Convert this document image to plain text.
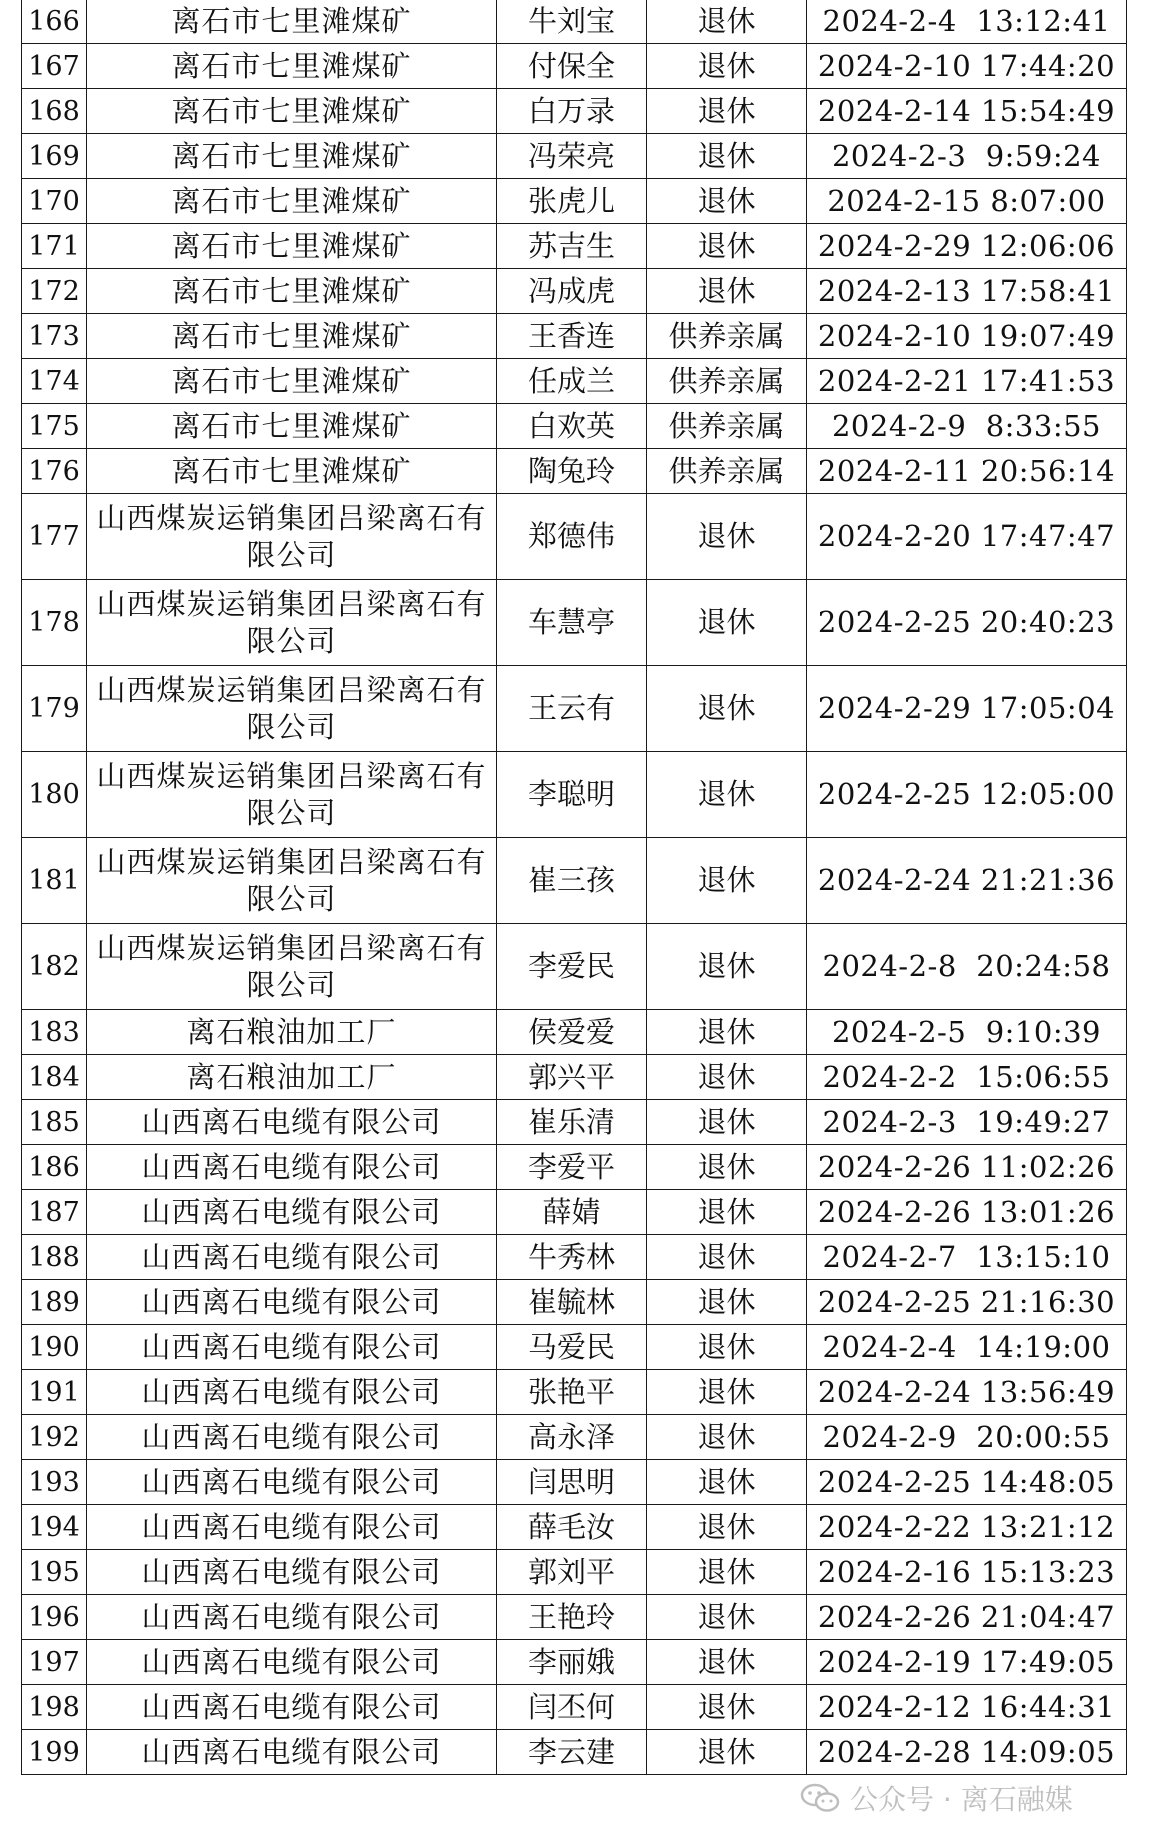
166	离石市七里滩煤矿	牛刘宝	退休	2024-2-4  13:12:41
167	离石市七里滩煤矿	付保全	退休	2024-2-10 17:44:20
168	离石市七里滩煤矿	白万录	退休	2024-2-14 15:54:49
169	离石市七里滩煤矿	冯荣亮	退休	2024-2-3  9:59:24
170	离石市七里滩煤矿	张虎儿	退休	2024-2-15 8:07:00
171	离石市七里滩煤矿	苏吉生	退休	2024-2-29 12:06:06
172	离石市七里滩煤矿	冯成虎	退休	2024-2-13 17:58:41
173	离石市七里滩煤矿	王香连	供养亲属	2024-2-10 19:07:49
174	离石市七里滩煤矿	任成兰	供养亲属	2024-2-21 17:41:53
175	离石市七里滩煤矿	白欢英	供养亲属	2024-2-9  8:33:55
176	离石市七里滩煤矿	陶兔玲	供养亲属	2024-2-11 20:56:14
177	山西煤炭运销集团吕梁离石有限公司	郑德伟	退休	2024-2-20 17:47:47
178	山西煤炭运销集团吕梁离石有限公司	车慧亭	退休	2024-2-25 20:40:23
179	山西煤炭运销集团吕梁离石有限公司	王云有	退休	2024-2-29 17:05:04
180	山西煤炭运销集团吕梁离石有限公司	李聪明	退休	2024-2-25 12:05:00
181	山西煤炭运销集团吕梁离石有限公司	崔三孩	退休	2024-2-24 21:21:36
182	山西煤炭运销集团吕梁离石有限公司	李爱民	退休	2024-2-8  20:24:58
183	离石粮油加工厂	侯爱爱	退休	2024-2-5  9:10:39
184	离石粮油加工厂	郭兴平	退休	2024-2-2  15:06:55
185	山西离石电缆有限公司	崔乐清	退休	2024-2-3  19:49:27
186	山西离石电缆有限公司	李爱平	退休	2024-2-26 11:02:26
187	山西离石电缆有限公司	薛婧	退休	2024-2-26 13:01:26
188	山西离石电缆有限公司	牛秀林	退休	2024-2-7  13:15:10
189	山西离石电缆有限公司	崔毓林	退休	2024-2-25 21:16:30
190	山西离石电缆有限公司	马爱民	退休	2024-2-4  14:19:00
191	山西离石电缆有限公司	张艳平	退休	2024-2-24 13:56:49
192	山西离石电缆有限公司	高永泽	退休	2024-2-9  20:00:55
193	山西离石电缆有限公司	闫思明	退休	2024-2-25 14:48:05
194	山西离石电缆有限公司	薛毛汝	退休	2024-2-22 13:21:12
195	山西离石电缆有限公司	郭刘平	退休	2024-2-16 15:13:23
196	山西离石电缆有限公司	王艳玲	退休	2024-2-26 21:04:47
197	山西离石电缆有限公司	李丽娥	退休	2024-2-19 17:49:05
198	山西离石电缆有限公司	闫丕何	退休	2024-2-12 16:44:31
199	山西离石电缆有限公司	李云建	退休	2024-2-28 14:09:05
公众号 · 离石融媒
